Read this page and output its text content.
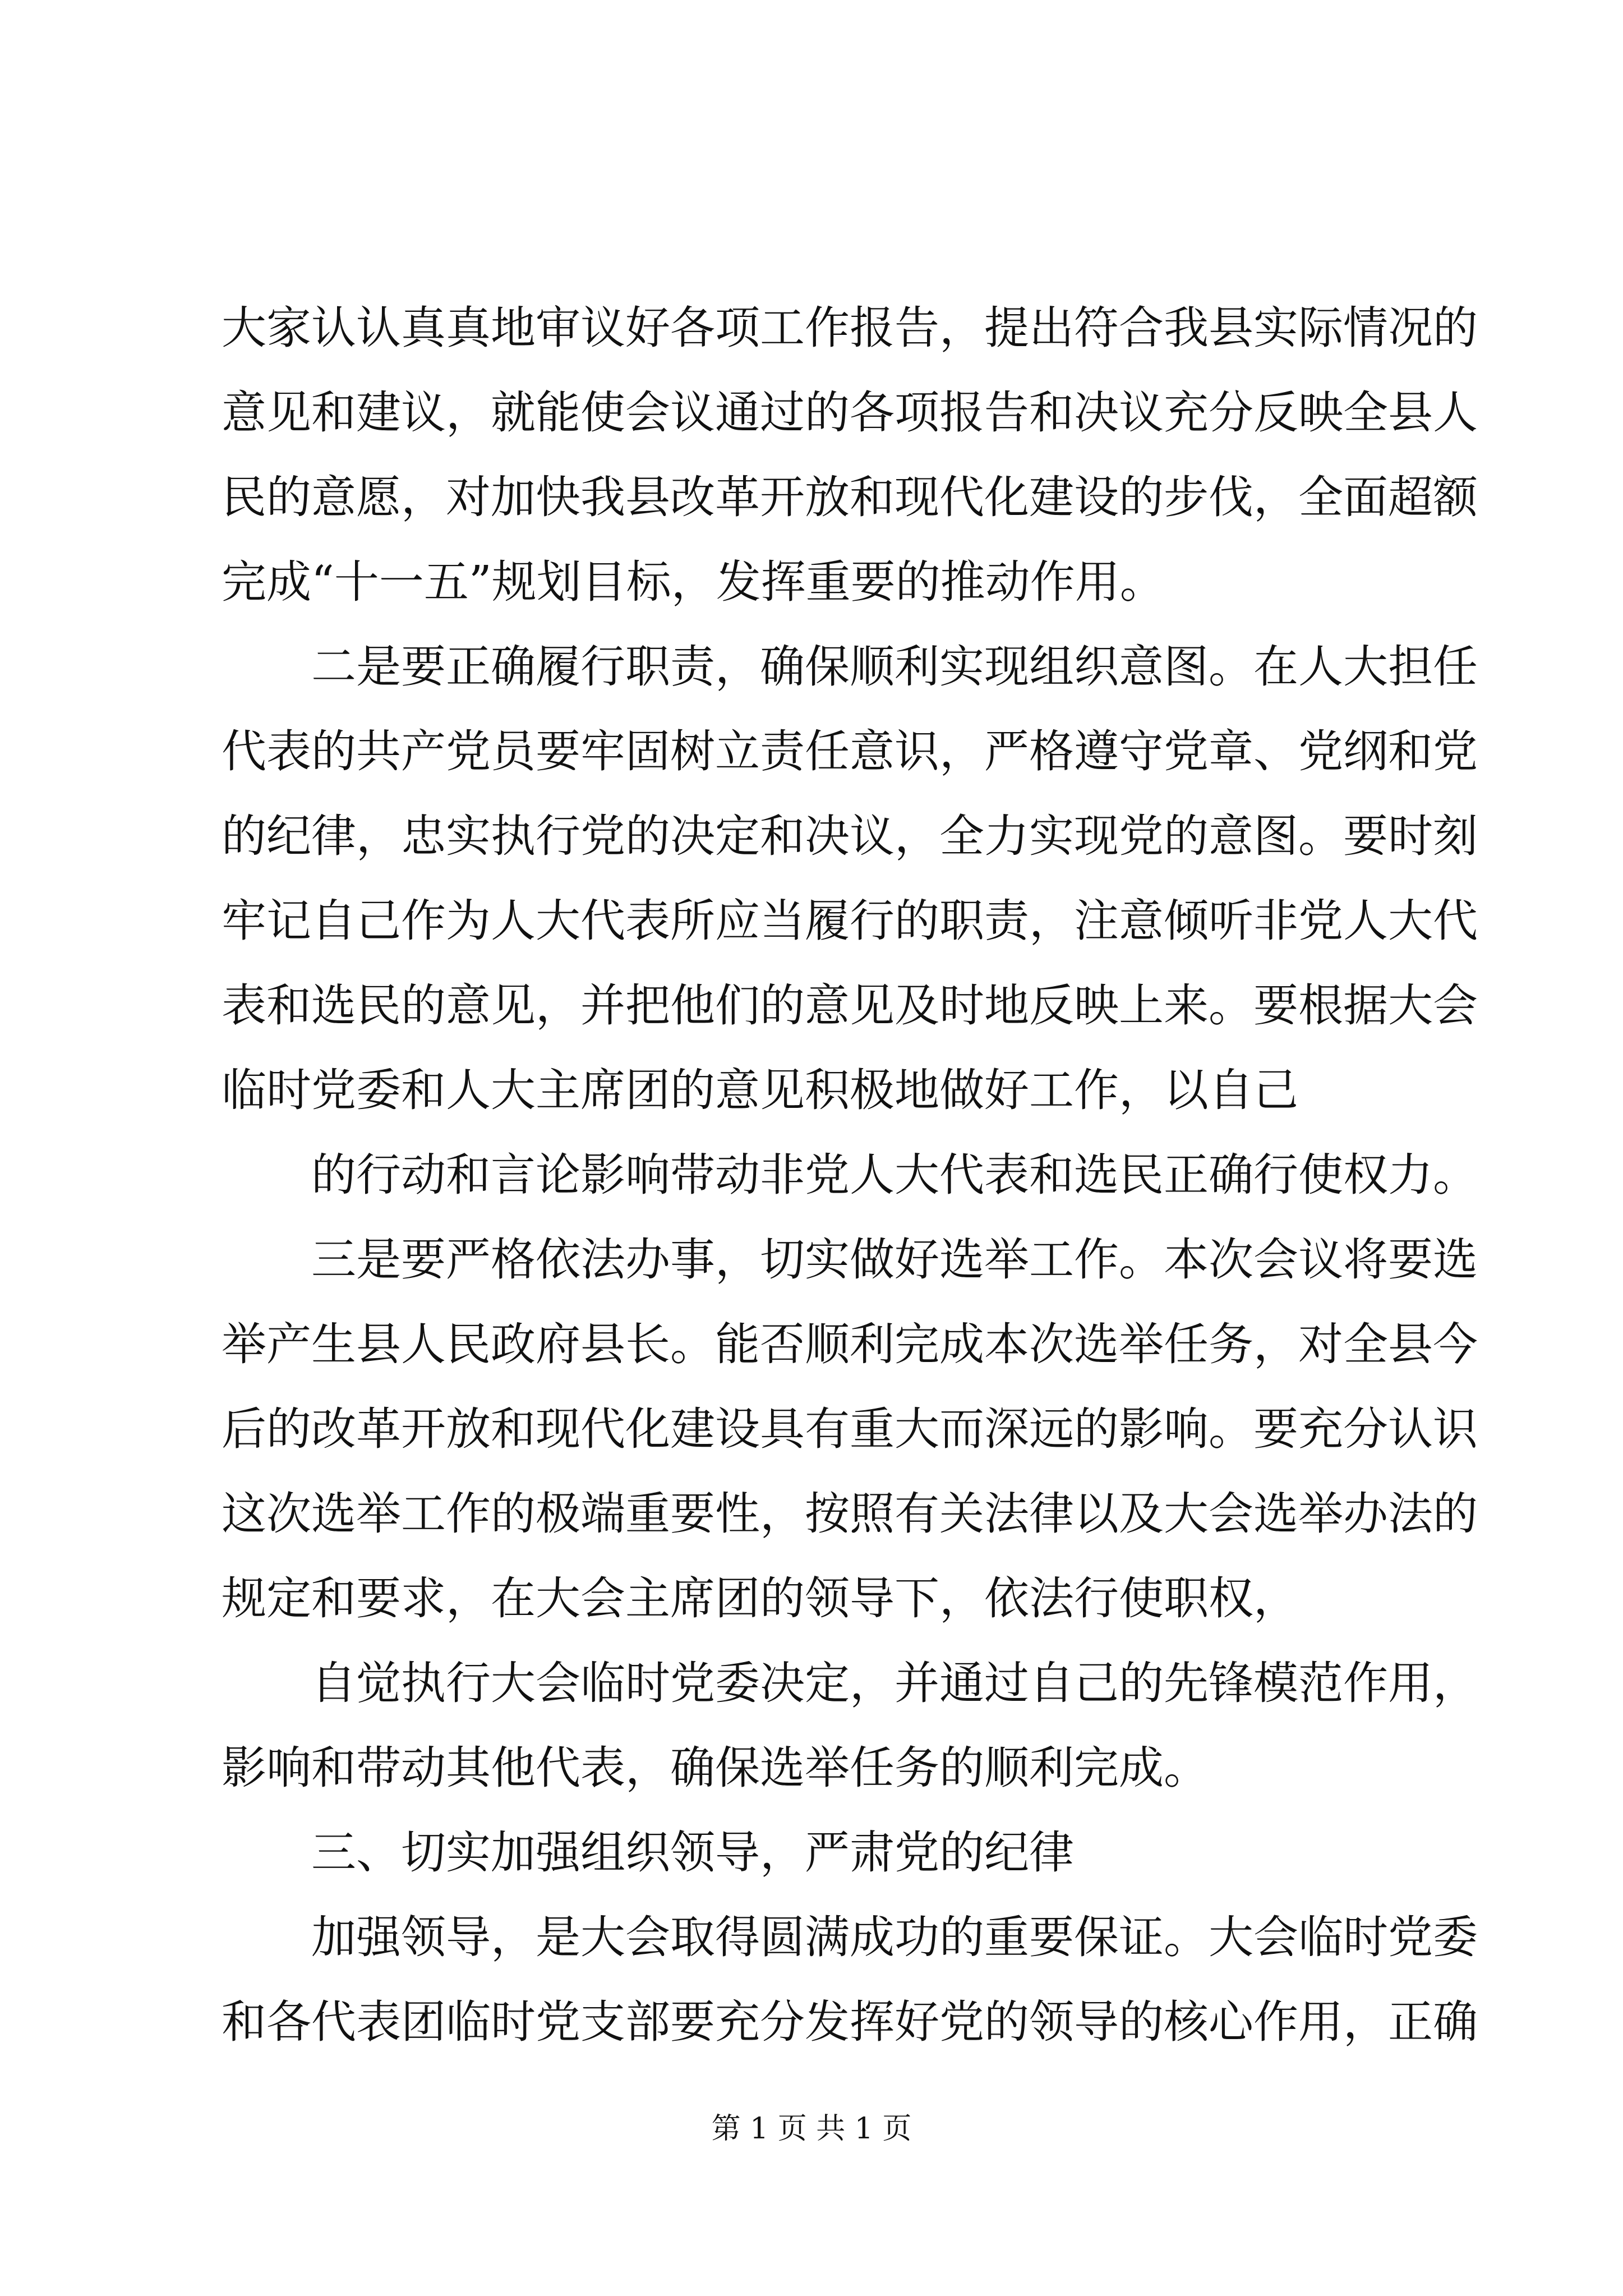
大家认认真真地审议好各项工作报告，提出符合我县实际情况的
意见和建议，就能使会议通过的各项报告和决议充分反映全县人
民的意愿，对加快我县改革开放和现代化建设的步伐，全面超额
完成“十一五”规划目标，发挥重要的推动作用。
二是要正确履行职责，确保顺利实现组织意图。在人大担任
代表的共产党员要牢固树立责任意识，严格遵守党章、党纲和党
的纪律，忠实执行党的决定和决议，全力实现党的意图。要时刻
牢记自己作为人大代表所应当履行的职责，注意倾听非党人大代
表和选民的意见，并把他们的意见及时地反映上来。要根据大会
临时党委和人大主席团的意见积极地做好工作，以自己
的行动和言论影响带动非党人大代表和选民正确行使权力。
三是要严格依法办事，切实做好选举工作。本次会议将要选
举产生县人民政府县长。能否顺利完成本次选举任务，对全县今
后的改革开放和现代化建设具有重大而深远的影响。要充分认识
这次选举工作的极端重要性，按照有关法律以及大会选举办法的
规定和要求，在大会主席团的领导下，依法行使职权，
自觉执行大会临时党委决定，并通过自己的先锋模范作用，
影响和带动其他代表，确保选举任务的顺利完成。
三、切实加强组织领导，严肃党的纪律
加强领导，是大会取得圆满成功的重要保证。大会临时党委
和各代表团临时党支部要充分发挥好党的领导的核心作用，正确
第 1 页 共 1 页
